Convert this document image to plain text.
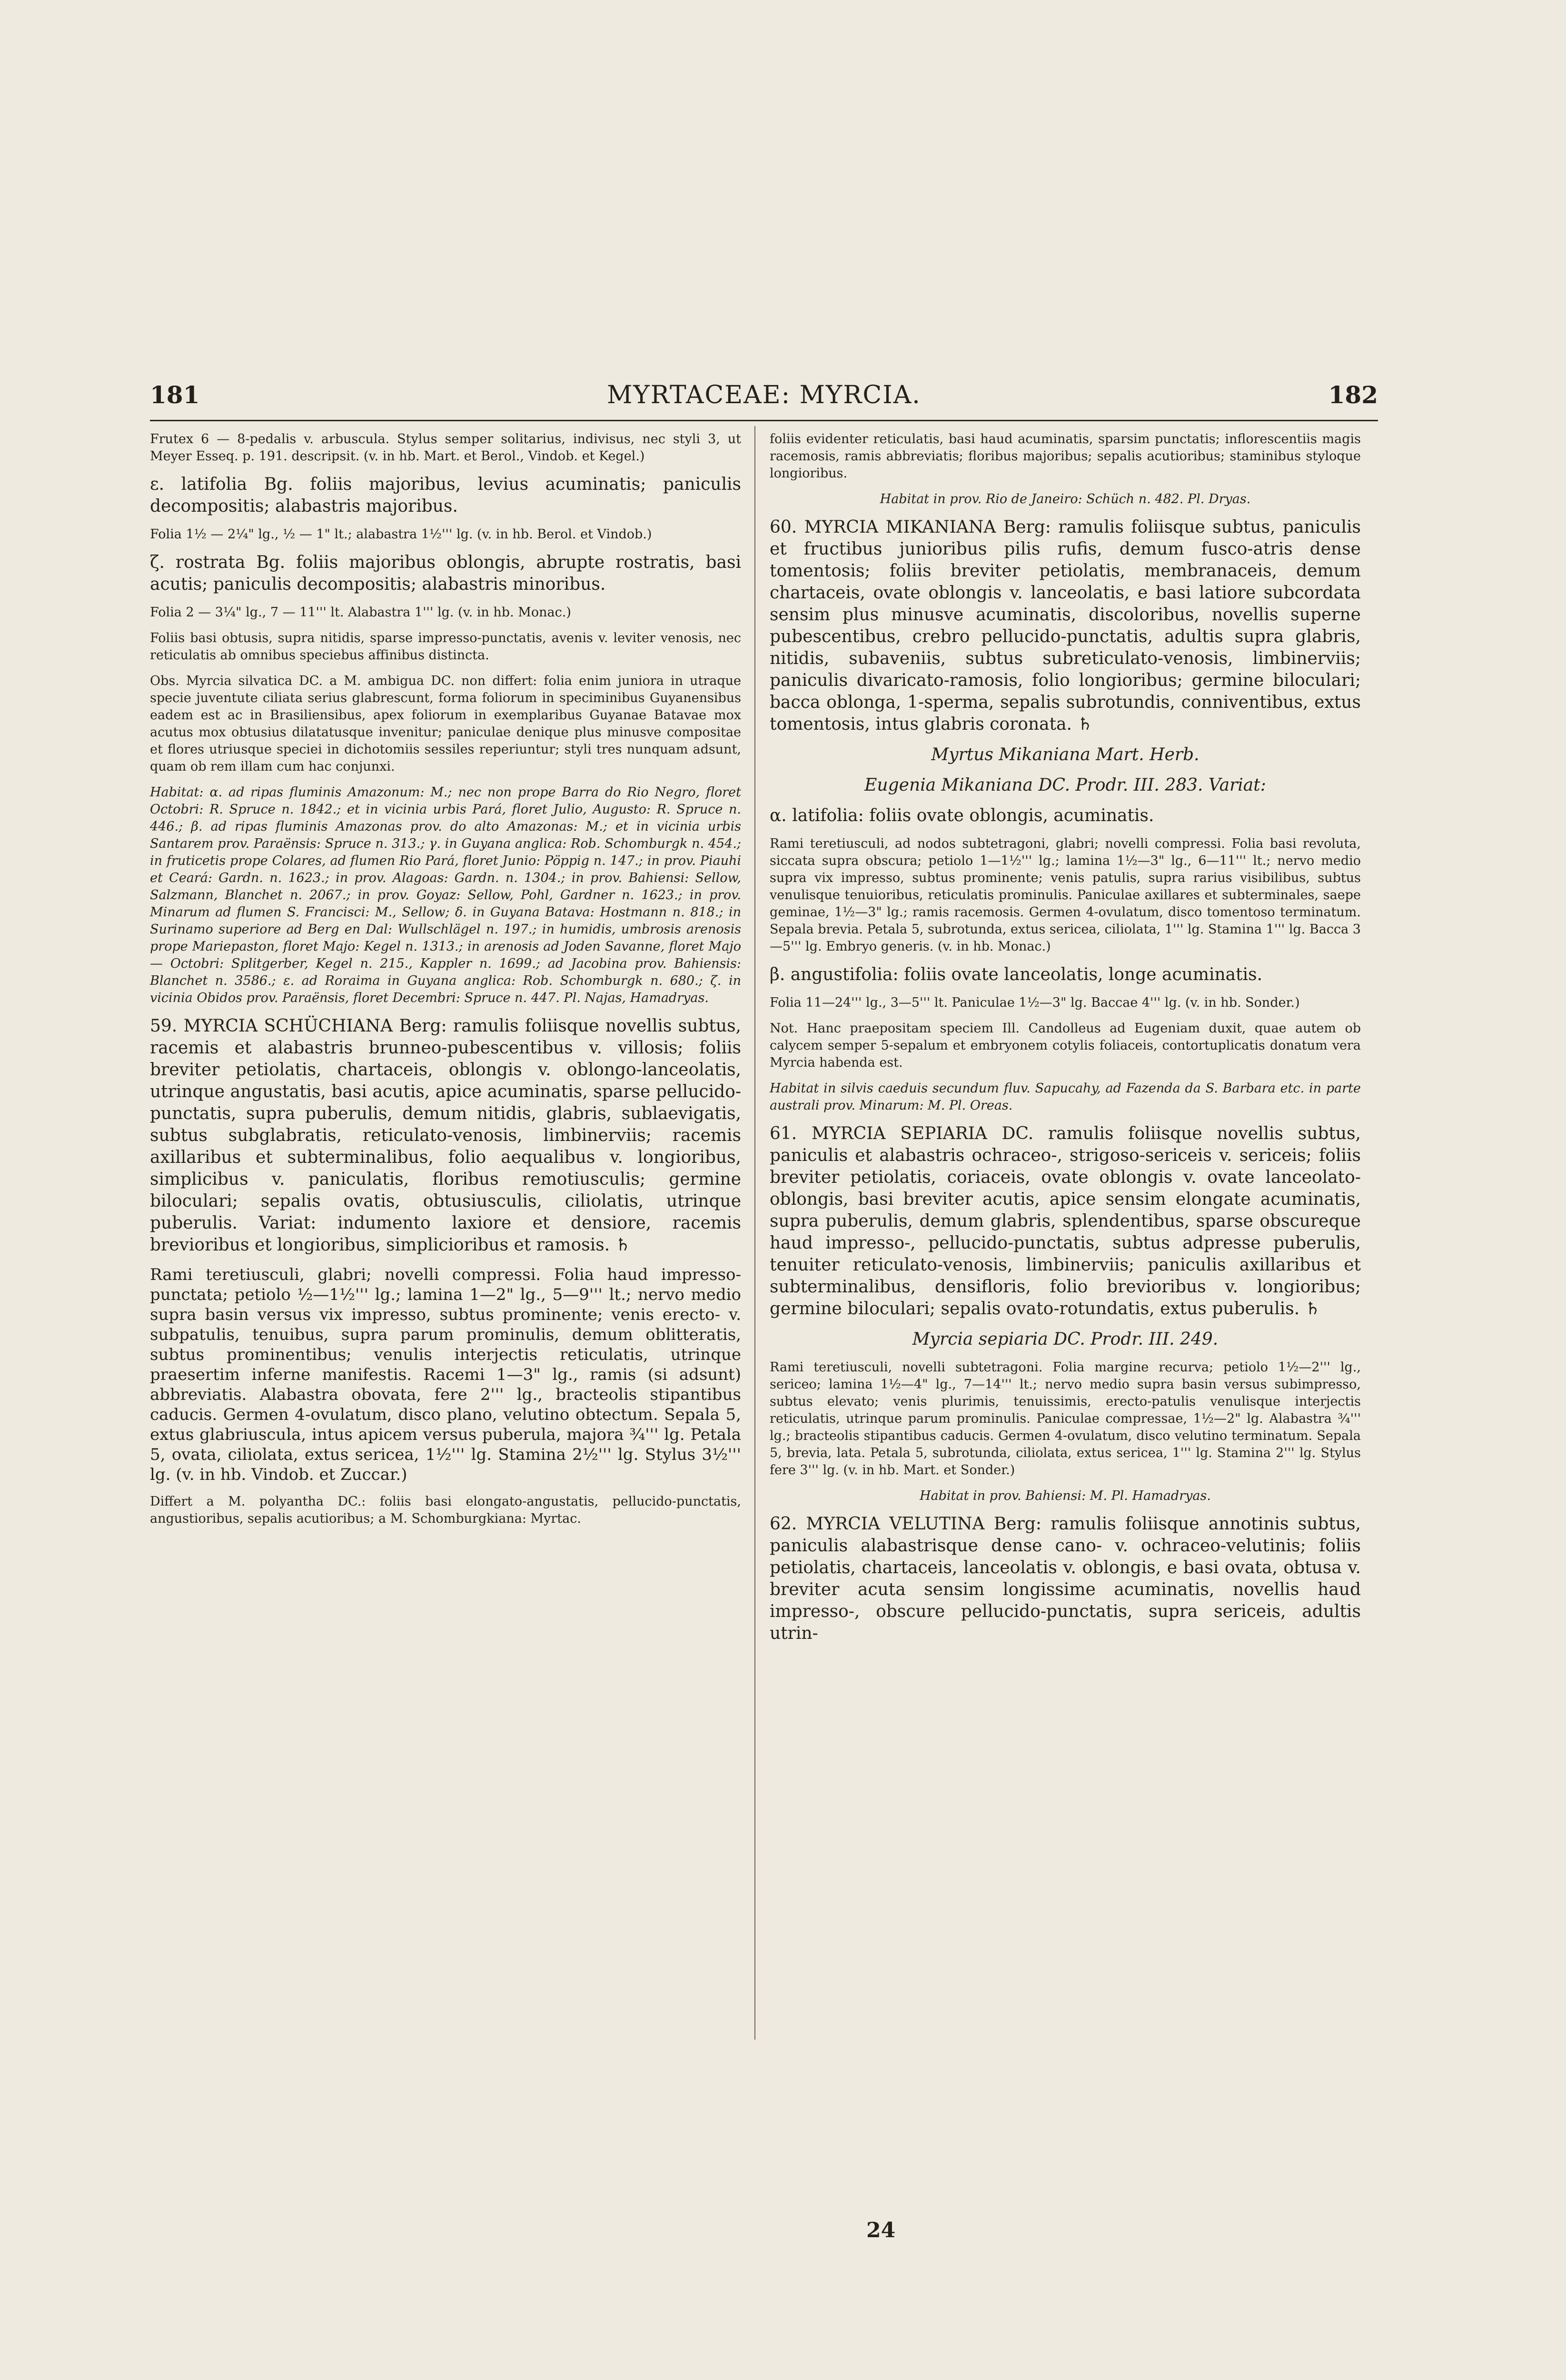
181	MYRTACEAE: MYRCIA.	182

Frutex 6 — 8-pedalis v. arbuscula. Stylus semper solitarius, indivisus, nec styli 3, ut Meyer Esseq. p. 191. descripsit. (v. in hb. Mart. et Berol., Vindob. et Kegel.)

ε. latifolia Bg. foliis majoribus, levius acuminatis; paniculis decompositis; alabastris majoribus.

Folia 1½ — 2¼" lg., ½ — 1" lt.; alabastra 1½''' lg. (v. in hb. Berol. et Vindob.)

ζ. rostrata Bg. foliis majoribus oblongis, abrupte rostratis, basi acutis; paniculis decompositis; alabastris minoribus.

Folia 2 — 3¼" lg., 7 — 11''' lt. Alabastra 1''' lg. (v. in hb. Monac.)

Foliis basi obtusis, supra nitidis, sparse impresso-punctatis, avenis v. leviter venosis, nec reticulatis ab omnibus speciebus affinibus distincta.

Obs. Myrcia silvatica DC. a M. ambigua DC. non differt: folia enim juniora in utraque specie juventute ciliata serius glabrescunt, forma foliorum in speciminibus Guyanensibus eadem est ac in Brasiliensibus, apex foliorum in exemplaribus Guyanae Batavae mox acutus mox obtusius dilatatusque invenitur; paniculae denique plus minusve compositae et flores utriusque speciei in dichotomiis sessiles reperiuntur; styli tres nunquam adsunt, quam ob rem illam cum hac conjunxi.

Habitat: α. ad ripas fluminis Amazonum: M.; nec non prope Barra do Rio Negro, floret Octobri: R. Spruce n. 1842.; et in vicinia urbis Pará, floret Julio, Augusto: R. Spruce n. 446.; β. ad ripas fluminis Amazonas prov. do alto Amazonas: M.; et in vicinia urbis Santarem prov. Paraënsis: Spruce n. 313.; γ. in Guyana anglica: Rob. Schomburgk n. 454.; in fruticetis prope Colares, ad flumen Rio Pará, floret Junio: Pöppig n. 147.; in prov. Piauhi et Ceará: Gardn. n. 1623.; in prov. Alagoas: Gardn. n. 1304.; in prov. Bahiensi: Sellow, Salzmann, Blanchet n. 2067.; in prov. Goyaz: Sellow, Pohl, Gardner n. 1623.; in prov. Minarum ad flumen S. Francisci: M., Sellow; δ. in Guyana Batava: Hostmann n. 818.; in Surinamo superiore ad Berg en Dal: Wullschlägel n. 197.; in humidis, umbrosis arenosis prope Mariepaston, floret Majo: Kegel n. 1313.; in arenosis ad Joden Savanne, floret Majo — Octobri: Splitgerber, Kegel n. 215., Kappler n. 1699.; ad Jacobina prov. Bahiensis: Blanchet n. 3586.; ε. ad Roraima in Guyana anglica: Rob. Schomburgk n. 680.; ζ. in vicinia Obidos prov. Paraënsis, floret Decembri: Spruce n. 447. Pl. Najas, Hamadryas.

59. MYRCIA SCHÜCHIANA Berg: ramulis foliisque novellis subtus, racemis et alabastris brunneo-pubescentibus v. villosis; foliis breviter petiolatis, chartaceis, oblongis v. oblongo-lanceolatis, utrinque angustatis, basi acutis, apice acuminatis, sparse pellucido-punctatis, supra puberulis, demum nitidis, glabris, sublaevigatis, subtus subglabratis, reticulato-venosis, limbinerviis; racemis axillaribus et subterminalibus, folio aequalibus v. longioribus, simplicibus v. paniculatis, floribus remotiusculis; germine biloculari; sepalis ovatis, obtusiusculis, ciliolatis, utrinque puberulis. Variat: indumento laxiore et densiore, racemis brevioribus et longioribus, simplicioribus et ramosis. ♄

Rami teretiusculi, glabri; novelli compressi. Folia haud impresso-punctata; petiolo ½—1½''' lg.; lamina 1—2" lg., 5—9''' lt.; nervo medio supra basin versus vix impresso, subtus prominente; venis erecto- v. subpatulis, tenuibus, supra parum prominulis, demum oblitteratis, subtus prominentibus; venulis interjectis reticulatis, utrinque praesertim inferne manifestis. Racemi 1—3" lg., ramis (si adsunt) abbreviatis. Alabastra obovata, fere 2''' lg., bracteolis stipantibus caducis. Germen 4-ovulatum, disco plano, velutino obtectum. Sepala 5, extus glabriuscula, intus apicem versus puberula, majora ¾''' lg. Petala 5, ovata, ciliolata, extus sericea, 1½''' lg. Stamina 2½''' lg. Stylus 3½''' lg. (v. in hb. Vindob. et Zuccar.)

Differt a M. polyantha DC.: foliis basi elongato-angustatis, pellucido-punctatis, angustioribus, sepalis acutioribus; a M. Schomburgkiana: Myrtac.

foliis evidenter reticulatis, basi haud acuminatis, sparsim punctatis; inflorescentiis magis racemosis, ramis abbreviatis; floribus majoribus; sepalis acutioribus; staminibus styloque longioribus.

Habitat in prov. Rio de Janeiro: Schüch n. 482. Pl. Dryas.

60. MYRCIA MIKANIANA Berg: ramulis foliisque subtus, paniculis et fructibus junioribus pilis rufis, demum fusco-atris dense tomentosis; foliis breviter petiolatis, membranaceis, demum chartaceis, ovate oblongis v. lanceolatis, e basi latiore subcordata sensim plus minusve acuminatis, discoloribus, novellis superne pubescentibus, crebro pellucido-punctatis, adultis supra glabris, nitidis, subaveniis, subtus subreticulato-venosis, limbinerviis; paniculis divaricato-ramosis, folio longioribus; germine biloculari; bacca oblonga, 1-sperma, sepalis subrotundis, conniventibus, extus tomentosis, intus glabris coronata. ♄

Myrtus Mikaniana Mart. Herb.

Eugenia Mikaniana DC. Prodr. III. 283. Variat:

α. latifolia: foliis ovate oblongis, acuminatis.

Rami teretiusculi, ad nodos subtetragoni, glabri; novelli compressi. Folia basi revoluta, siccata supra obscura; petiolo 1—1½''' lg.; lamina 1½—3" lg., 6—11''' lt.; nervo medio supra vix impresso, subtus prominente; venis patulis, supra rarius visibilibus, subtus venulisque tenuioribus, reticulatis prominulis. Paniculae axillares et subterminales, saepe geminae, 1½—3" lg.; ramis racemosis. Germen 4-ovulatum, disco tomentoso terminatum. Sepala brevia. Petala 5, subrotunda, extus sericea, ciliolata, 1''' lg. Stamina 1''' lg. Bacca 3—5''' lg. Embryo generis. (v. in hb. Monac.)

β. angustifolia: foliis ovate lanceolatis, longe acuminatis.

Folia 11—24''' lg., 3—5''' lt. Paniculae 1½—3" lg. Baccae 4''' lg. (v. in hb. Sonder.)

Not. Hanc praepositam speciem Ill. Candolleus ad Eugeniam duxit, quae autem ob calycem semper 5-sepalum et embryonem cotylis foliaceis, contortuplicatis donatum vera Myrcia habenda est.

Habitat in silvis caeduis secundum fluv. Sapucahy, ad Fazenda da S. Barbara etc. in parte australi prov. Minarum: M. Pl. Oreas.

61. MYRCIA SEPIARIA DC. ramulis foliisque novellis subtus, paniculis et alabastris ochraceo-, strigoso-sericeis v. sericeis; foliis breviter petiolatis, coriaceis, ovate oblongis v. ovate lanceolato-oblongis, basi breviter acutis, apice sensim elongate acuminatis, supra puberulis, demum glabris, splendentibus, sparse obscureque haud impresso-, pellucido-punctatis, subtus adpresse puberulis, tenuiter reticulato-venosis, limbinerviis; paniculis axillaribus et subterminalibus, densifloris, folio brevioribus v. longioribus; germine biloculari; sepalis ovato-rotundatis, extus puberulis. ♄

Myrcia sepiaria DC. Prodr. III. 249.

Rami teretiusculi, novelli subtetragoni. Folia margine recurva; petiolo 1½—2''' lg., sericeo; lamina 1½—4" lg., 7—14''' lt.; nervo medio supra basin versus subimpresso, subtus elevato; venis plurimis, tenuissimis, erecto-patulis venulisque interjectis reticulatis, utrinque parum prominulis. Paniculae compressae, 1½—2" lg. Alabastra ¾''' lg.; bracteolis stipantibus caducis. Germen 4-ovulatum, disco velutino terminatum. Sepala 5, brevia, lata. Petala 5, subrotunda, ciliolata, extus sericea, 1''' lg. Stamina 2''' lg. Stylus fere 3''' lg. (v. in hb. Mart. et Sonder.)

Habitat in prov. Bahiensi: M. Pl. Hamadryas.

62. MYRCIA VELUTINA Berg: ramulis foliisque annotinis subtus, paniculis alabastrisque dense cano- v. ochraceo-velutinis; foliis petiolatis, chartaceis, lanceolatis v. oblongis, e basi ovata, obtusa v. breviter acuta sensim longissime acuminatis, novellis haud impresso-, obscure pellucido-punctatis, supra sericeis, adultis utrin-

24
